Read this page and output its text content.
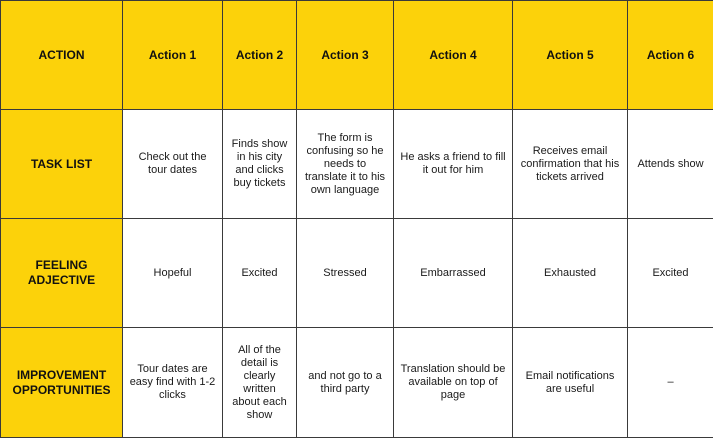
ACTION	Action 1	Action 2	Action 3	Action 4	Action 5	Action 6
TASK LIST	Check out the tour dates	Finds show in his city and clicks buy tickets	The form is confusing so he needs to translate it to his own language	He asks a friend to fill it out for him	Receives email confirmation that his tickets arrived	Attends show
FEELING ADJECTIVE	Hopeful	Excited	Stressed	Embarrassed	Exhausted	Excited
IMPROVEMENT OPPORTUNITIES	Tour dates are easy find with 1-2 clicks	All of the detail is clearly written about each show	and not go to a third party	Translation should be available on top of page	Email notifications are useful	–
